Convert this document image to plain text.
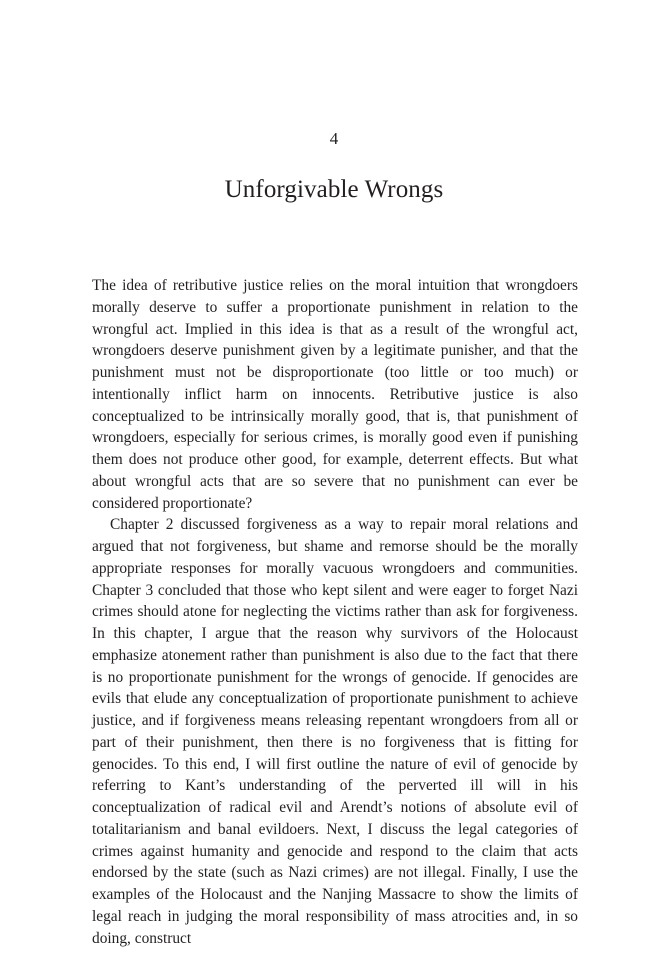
4
Unforgivable Wrongs

The idea of retributive justice relies on the moral intuition that wrongdoers morally deserve to suffer a proportionate punishment in relation to the wrongful act. Implied in this idea is that as a result of the wrongful act, wrongdoers deserve punishment given by a legitimate punisher, and that the punishment must not be disproportionate (too little or too much) or intentionally inflict harm on innocents. Retributive justice is also conceptualized to be intrinsically morally good, that is, that punishment of wrongdoers, especially for serious crimes, is morally good even if punishing them does not produce other good, for example, deterrent effects. But what about wrongful acts that are so severe that no punishment can ever be considered proportionate?

Chapter 2 discussed forgiveness as a way to repair moral relations and argued that not forgiveness, but shame and remorse should be the morally appropriate responses for morally vacuous wrongdoers and communities. Chapter 3 concluded that those who kept silent and were eager to forget Nazi crimes should atone for neglecting the victims rather than ask for forgiveness. In this chapter, I argue that the reason why survivors of the Holocaust emphasize atonement rather than punishment is also due to the fact that there is no proportionate punishment for the wrongs of genocide. If genocides are evils that elude any conceptualization of proportionate punishment to achieve justice, and if forgiveness means releasing repentant wrongdoers from all or part of their punishment, then there is no forgiveness that is fitting for genocides. To this end, I will first outline the nature of evil of genocide by referring to Kant’s understanding of the perverted ill will in his conceptualization of radical evil and Arendt’s notions of absolute evil of totalitarianism and banal evildoers. Next, I discuss the legal categories of crimes against humanity and genocide and respond to the claim that acts endorsed by the state (such as Nazi crimes) are not illegal. Finally, I use the examples of the Holocaust and the Nanjing Massacre to show the limits of legal reach in judging the moral responsibility of mass atrocities and, in so doing, construct
